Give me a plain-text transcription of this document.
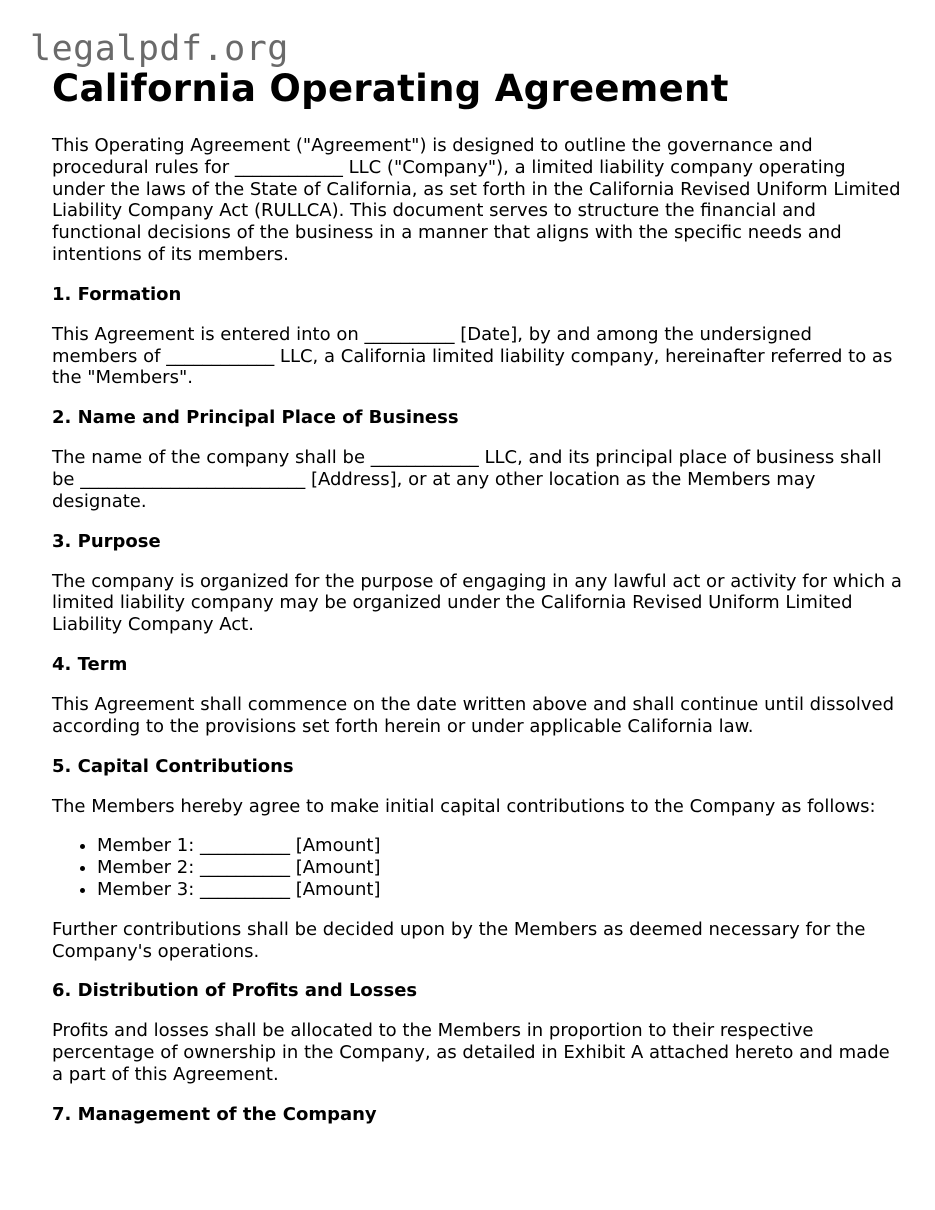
legalpdf.org
California Operating Agreement

This Operating Agreement ("Agreement") is designed to outline the governance and procedural rules for ____________ LLC ("Company"), a limited liability company operating under the laws of the State of California, as set forth in the California Revised Uniform Limited Liability Company Act (RULLCA). This document serves to structure the financial and functional decisions of the business in a manner that aligns with the specific needs and intentions of its members.

1. Formation

This Agreement is entered into on __________ [Date], by and among the undersigned members of ____________ LLC, a California limited liability company, hereinafter referred to as the "Members".

2. Name and Principal Place of Business

The name of the company shall be ____________ LLC, and its principal place of business shall be _________________________ [Address], or at any other location as the Members may designate.

3. Purpose

The company is organized for the purpose of engaging in any lawful act or activity for which a limited liability company may be organized under the California Revised Uniform Limited Liability Company Act.

4. Term

This Agreement shall commence on the date written above and shall continue until dissolved according to the provisions set forth herein or under applicable California law.

5. Capital Contributions

The Members hereby agree to make initial capital contributions to the Company as follows:

• Member 1: __________ [Amount]
• Member 2: __________ [Amount]
• Member 3: __________ [Amount]

Further contributions shall be decided upon by the Members as deemed necessary for the Company's operations.

6. Distribution of Profits and Losses

Profits and losses shall be allocated to the Members in proportion to their respective percentage of ownership in the Company, as detailed in Exhibit A attached hereto and made a part of this Agreement.

7. Management of the Company
